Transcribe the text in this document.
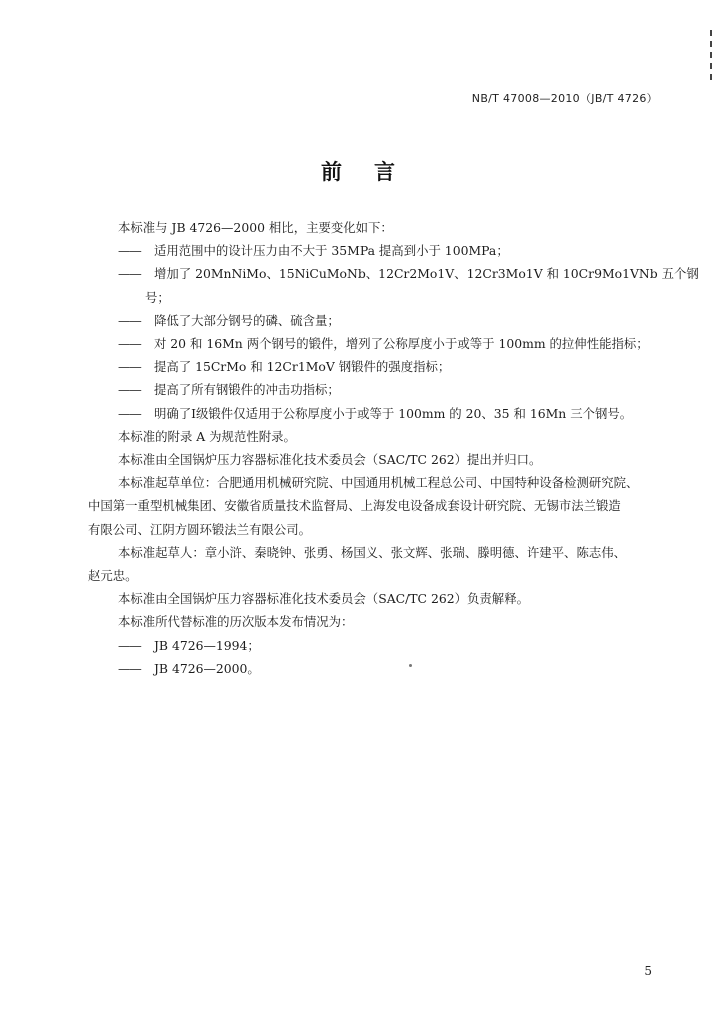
NB/T 47008—2010（JB/T 4726）
前言
本标准与 JB 4726—2000 相比，主要变化如下：
—— 适用范围中的设计压力由不大于 35MPa 提高到小于 100MPa；
—— 增加了 20MnNiMo、15NiCuMoNb、12Cr2Mo1V、12Cr3Mo1V 和 10Cr9Mo1VNb 五个钢
号；
—— 降低了大部分钢号的磷、硫含量；
—— 对 20 和 16Mn 两个钢号的锻件，增列了公称厚度小于或等于 100mm 的拉伸性能指标；
—— 提高了 15CrMo 和 12Cr1MoV 钢锻件的强度指标；
—— 提高了所有钢锻件的冲击功指标；
—— 明确了Ⅰ级锻件仅适用于公称厚度小于或等于 100mm 的 20、35 和 16Mn 三个钢号。
本标准的附录 A 为规范性附录。
本标准由全国锅炉压力容器标准化技术委员会（SAC/TC 262）提出并归口。
本标准起草单位：合肥通用机械研究院、中国通用机械工程总公司、中国特种设备检测研究院、
中国第一重型机械集团、安徽省质量技术监督局、上海发电设备成套设计研究院、无锡市法兰锻造
有限公司、江阴方圆环锻法兰有限公司。
本标准起草人：章小浒、秦晓钟、张勇、杨国义、张文辉、张瑞、滕明德、许建平、陈志伟、
赵元忠。
本标准由全国锅炉压力容器标准化技术委员会（SAC/TC 262）负责解释。
本标准所代替标准的历次版本发布情况为：
—— JB 4726—1994；
—— JB 4726—2000。
5
